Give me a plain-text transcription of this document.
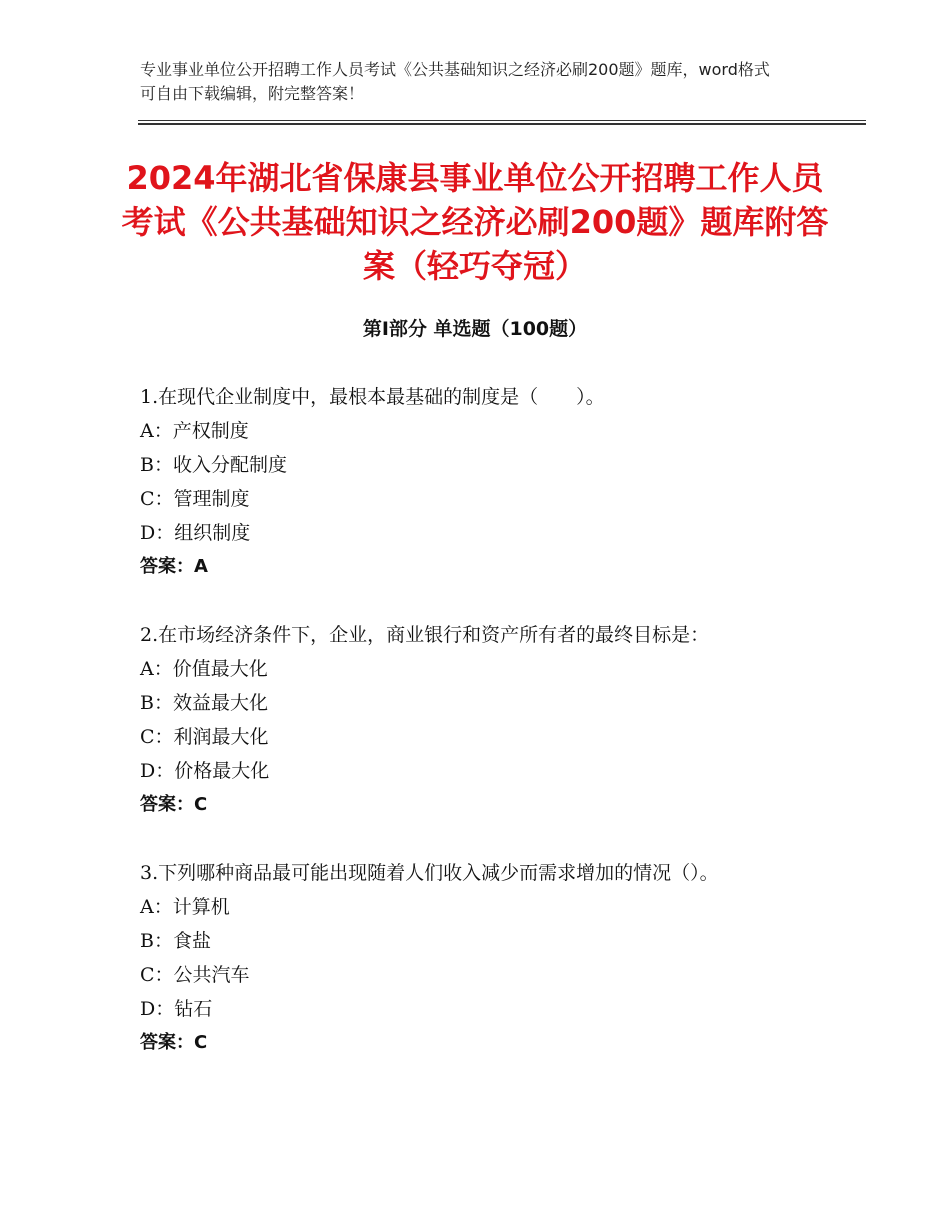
专业事业单位公开招聘工作人员考试《公共基础知识之经济必刷200题》题库，word格式可自由下载编辑，附完整答案！
2024年湖北省保康县事业单位公开招聘工作人员考试《公共基础知识之经济必刷200题》题库附答案（轻巧夺冠）
第Ⅰ部分 单选题（100题）

1.在现代企业制度中，最根本最基础的制度是（　　）。

A：产权制度

B：收入分配制度

C：管理制度

D：组织制度

答案：A

2.在市场经济条件下，企业，商业银行和资产所有者的最终目标是：

A：价值最大化

B：效益最大化

C：利润最大化

D：价格最大化

答案：C

3.下列哪种商品最可能出现随着人们收入减少而需求增加的情况（）。

A：计算机

B：食盐

C：公共汽车

D：钻石

答案：C
